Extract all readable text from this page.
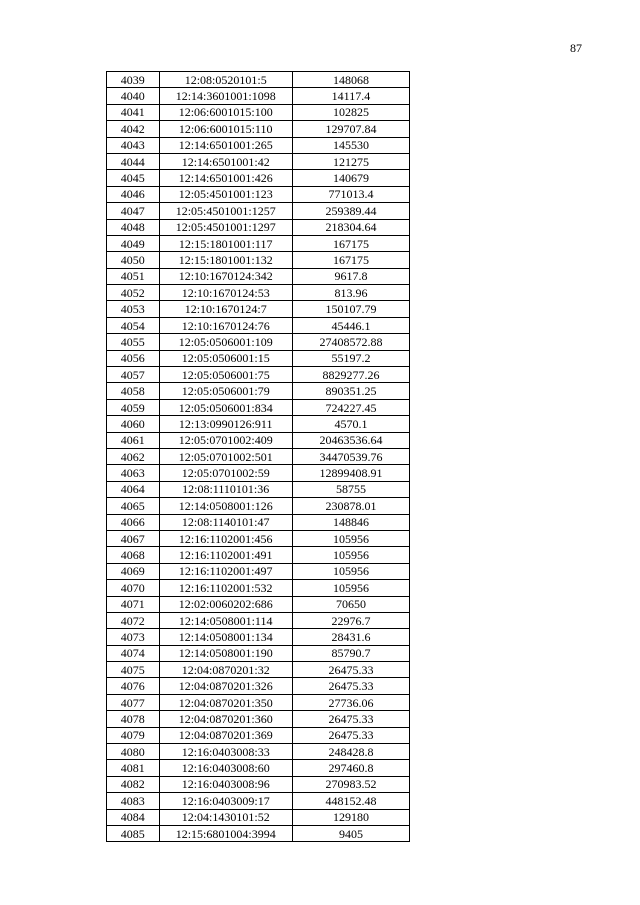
87
4039	12:08:0520101:5	148068
4040	12:14:3601001:1098	14117.4
4041	12:06:6001015:100	102825
4042	12:06:6001015:110	129707.84
4043	12:14:6501001:265	145530
4044	12:14:6501001:42	121275
4045	12:14:6501001:426	140679
4046	12:05:4501001:123	771013.4
4047	12:05:4501001:1257	259389.44
4048	12:05:4501001:1297	218304.64
4049	12:15:1801001:117	167175
4050	12:15:1801001:132	167175
4051	12:10:1670124:342	9617.8
4052	12:10:1670124:53	813.96
4053	12:10:1670124:7	150107.79
4054	12:10:1670124:76	45446.1
4055	12:05:0506001:109	27408572.88
4056	12:05:0506001:15	55197.2
4057	12:05:0506001:75	8829277.26
4058	12:05:0506001:79	890351.25
4059	12:05:0506001:834	724227.45
4060	12:13:0990126:911	4570.1
4061	12:05:0701002:409	20463536.64
4062	12:05:0701002:501	34470539.76
4063	12:05:0701002:59	12899408.91
4064	12:08:1110101:36	58755
4065	12:14:0508001:126	230878.01
4066	12:08:1140101:47	148846
4067	12:16:1102001:456	105956
4068	12:16:1102001:491	105956
4069	12:16:1102001:497	105956
4070	12:16:1102001:532	105956
4071	12:02:0060202:686	70650
4072	12:14:0508001:114	22976.7
4073	12:14:0508001:134	28431.6
4074	12:14:0508001:190	85790.7
4075	12:04:0870201:32	26475.33
4076	12:04:0870201:326	26475.33
4077	12:04:0870201:350	27736.06
4078	12:04:0870201:360	26475.33
4079	12:04:0870201:369	26475.33
4080	12:16:0403008:33	248428.8
4081	12:16:0403008:60	297460.8
4082	12:16:0403008:96	270983.52
4083	12:16:0403009:17	448152.48
4084	12:04:1430101:52	129180
4085	12:15:6801004:3994	9405
